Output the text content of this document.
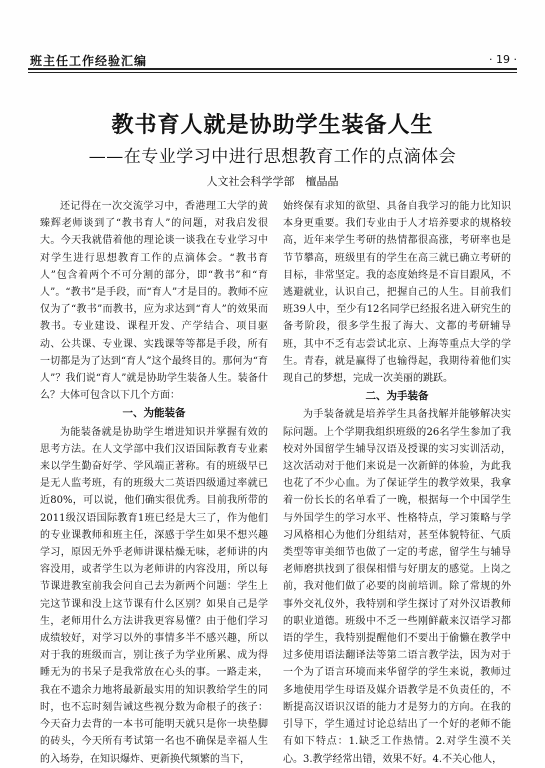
班主任工作经验汇编	· 19 ·
教书育人就是协助学生装备人生
——在专业学习中进行思想教育工作的点滴体会
人文社会科学学部　檀晶晶

还记得在一次交流学习中，香港理工大学的黄臻辉老师谈到了“教书育人”的问题，对我启发很大。今天我就借着他的理论谈一谈我在专业学习中对学生进行思想教育工作的点滴体会。“教书育人”包含着两个不可分割的部分，即“教书”和“育人”。“教书”是手段，而“育人”才是目的。教师不应仅为了“教书”而教书，应为求达到“育人”的效果而教书。专业建设、课程开发、产学结合、项目驱动、公共课、专业课、实践课等等都是手段，所有一切都是为了达到“育人”这个最终目的。那何为“育人”？我们说“育人”就是协助学生装备人生。装备什么？大体可包含以下几个方面：

一、为能装备

为能装备就是协助学生增进知识并掌握有效的思考方法。在人文学部中我们汉语国际教育专业素来以学生勤奋好学、学风端正著称。有的班级早已是无人监考班，有的班级大二英语四级通过率就已近80%，可以说，他们确实很优秀。目前我所带的2011级汉语国际教育1班已经是大三了，作为他们的专业课教师和班主任，深感于学生如果不想兴趣学习，原因无外乎老师讲课枯燥无味，老师讲的内容没用，或者学生以为老师讲的内容没用，所以每节课进教室前我会问自己去为新两个问题：学生上完这节课和没上这节课有什么区别？如果自己是学生，老师用什么方法讲我更容易懂？由于他们学习成绩较好，对学习以外的事情多半不感兴趣，所以对于我的班级而言，别让孩子为学业所累、成为得睡无为的书呆子是我常放在心头的事。一路走来，我在不遗余力地将最新最实用的知识教给学生的同时，也不忘时刻告诫这些视分数为命根子的孩子：今天奋力去背的一本书可能明天就只是你一块垫脚的砖头，今天所有考试第一名也不确保是幸福人生的入场券，在知识爆炸、更新换代频繁的当下，

始终保有求知的欲望、具备自我学习的能力比知识本身更重要。我们专业由于人才培养要求的规格较高，近年来学生考研的热情都很高涨，考研率也是节节攀高，班级里有的学生在高三就已确立考研的目标，非常坚定。我的态度始终是不盲目跟风，不逃避就业，认识自己，把握自己的人生。目前我们班39人中，至少有12名同学已经报名进入研究生的备考阶段，很多学生报了海大、文都的考研辅导班，其中不乏有志尝试北京、上海等重点大学的学生。青春，就是赢得了也输得起，我期待着他们实现自己的梦想，完成一次美丽的跳跃。

二、为手装备

为手装备就是培养学生具备找解并能够解决实际问题。上个学期我组织班级的26名学生参加了我校对外国留学生辅导汉语及授课的实习实训活动，这次活动对于他们来说是一次新鲜的体验，为此我也花了不少心血。为了保证学生的教学效果，我拿着一份长长的名单看了一晚，根据每一个中国学生与外国学生的学习水平、性格特点，学习策略与学习风格相心为他们分组结对，甚至体貌特征、气质类型等审美细节也做了一定的考虑，留学生与辅导老师磨拱找到了很保相惜与好朋友的感觉。上岗之前，我对他们做了必要的岗前培训。除了常规的外事外交礼仪外，我特别和学生探讨了对外汉语教师的职业道德。班级中不乏一些刚鲜蔽来汉语学习都语的学生，我特别提醒他们不要出于偷懒在教学中过多使用语法翻译法等第二语言教学法，因为对于一个为了语言环境而来华留学的学生来说，教师过多地使用学生母语及媒介语教学是不负责任的，不断提高汉语识汉语的能力才是努力的方向。在我的引导下，学生通过讨论总结出了一个好的老师不能有如下特点：1.缺乏工作热情。2.对学生漠不关心。3.教学经常出错，效果不好。4.不关心他人，
